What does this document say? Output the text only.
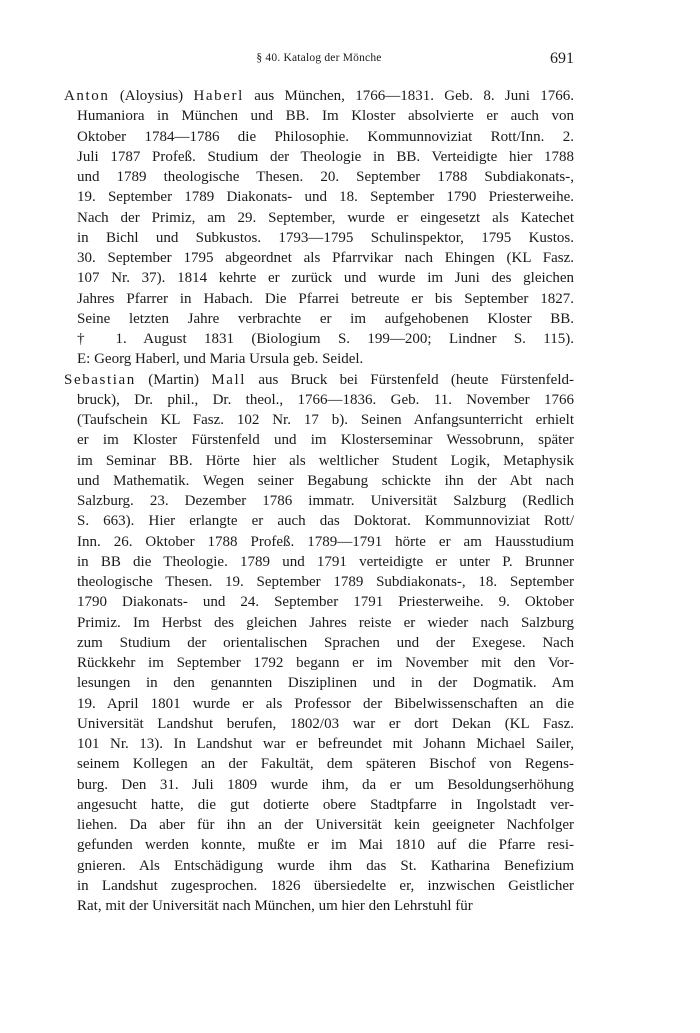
§ 40. Katalog der Mönche	691
Anton (Aloysius) Haberl aus München, 1766—1831. Geb. 8. Juni 1766.
Humaniora in München und BB. Im Kloster absolvierte er auch von
Oktober 1784—1786 die Philosophie. Kommunnoviziat Rott/Inn. 2.
Juli 1787 Profeß. Studium der Theologie in BB. Verteidigte hier 1788
und 1789 theologische Thesen. 20. September 1788 Subdiakonats-,
19. September 1789 Diakonats- und 18. September 1790 Priesterweihe.
Nach der Primiz, am 29. September, wurde er eingesetzt als Katechet
in Bichl und Subkustos. 1793—1795 Schulinspektor, 1795 Kustos.
30. September 1795 abgeordnet als Pfarrvikar nach Ehingen (KL Fasz.
107 Nr. 37). 1814 kehrte er zurück und wurde im Juni des gleichen
Jahres Pfarrer in Habach. Die Pfarrei betreute er bis September 1827.
Seine letzten Jahre verbrachte er im aufgehobenen Kloster BB.
† 1. August 1831 (Biologium S. 199—200; Lindner S. 115).
E: Georg Haberl, und Maria Ursula geb. Seidel.
Sebastian (Martin) Mall aus Bruck bei Fürstenfeld (heute Fürstenfeld-
bruck), Dr. phil., Dr. theol., 1766—1836. Geb. 11. November 1766
(Taufschein KL Fasz. 102 Nr. 17 b). Seinen Anfangsunterricht erhielt
er im Kloster Fürstenfeld und im Klosterseminar Wessobrunn, später
im Seminar BB. Hörte hier als weltlicher Student Logik, Metaphysik
und Mathematik. Wegen seiner Begabung schickte ihn der Abt nach
Salzburg. 23. Dezember 1786 immatr. Universität Salzburg (Redlich
S. 663). Hier erlangte er auch das Doktorat. Kommunnoviziat Rott/
Inn. 26. Oktober 1788 Profeß. 1789—1791 hörte er am Hausstudium
in BB die Theologie. 1789 und 1791 verteidigte er unter P. Brunner
theologische Thesen. 19. September 1789 Subdiakonats-, 18. September
1790 Diakonats- und 24. September 1791 Priesterweihe. 9. Oktober
Primiz. Im Herbst des gleichen Jahres reiste er wieder nach Salzburg
zum Studium der orientalischen Sprachen und der Exegese. Nach
Rückkehr im September 1792 begann er im November mit den Vor-
lesungen in den genannten Disziplinen und in der Dogmatik. Am
19. April 1801 wurde er als Professor der Bibelwissenschaften an die
Universität Landshut berufen, 1802/03 war er dort Dekan (KL Fasz.
101 Nr. 13). In Landshut war er befreundet mit Johann Michael Sailer,
seinem Kollegen an der Fakultät, dem späteren Bischof von Regens-
burg. Den 31. Juli 1809 wurde ihm, da er um Besoldungserhöhung
angesucht hatte, die gut dotierte obere Stadtpfarre in Ingolstadt ver-
liehen. Da aber für ihn an der Universität kein geeigneter Nachfolger
gefunden werden konnte, mußte er im Mai 1810 auf die Pfarre resi-
gnieren. Als Entschädigung wurde ihm das St. Katharina Benefizium
in Landshut zugesprochen. 1826 übersiedelte er, inzwischen Geistlicher
Rat, mit der Universität nach München, um hier den Lehrstuhl für
